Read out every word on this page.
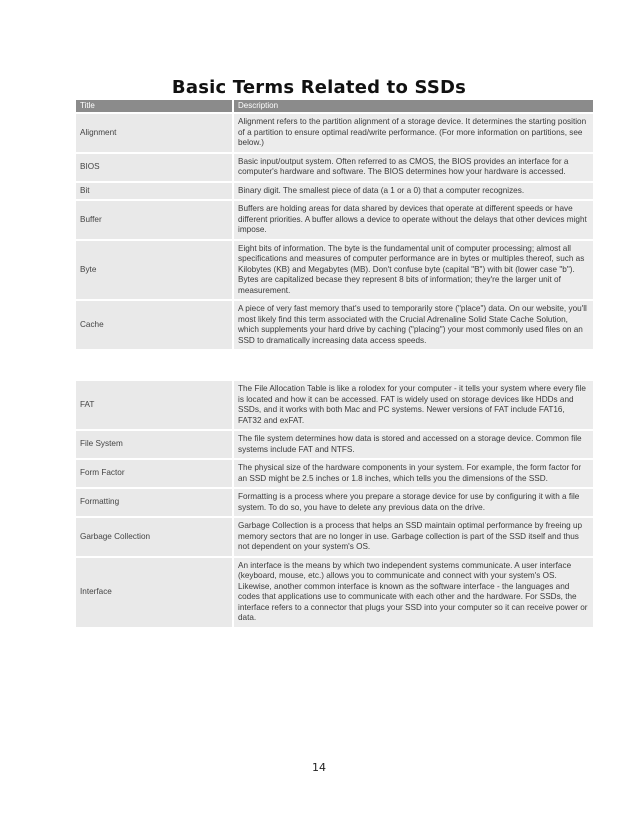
Basic Terms Related to SSDs
Title	Description
Alignment	Alignment refers to the partition alignment of a storage device. It determines the starting position of a partition to ensure optimal read/write performance. (For more information on partitions, see below.)
BIOS	Basic input/output system. Often referred to as CMOS, the BIOS provides an interface for a computer's hardware and software. The BIOS determines how your hardware is accessed.
Bit	Binary digit. The smallest piece of data (a 1 or a 0) that a computer recognizes.
Buffer	Buffers are holding areas for data shared by devices that operate at different speeds or have different priorities. A buffer allows a device to operate without the delays that other devices might impose.
Byte	Eight bits of information. The byte is the fundamental unit of computer processing; almost all specifications and measures of computer performance are in bytes or multiples thereof, such as Kilobytes (KB) and Megabytes (MB). Don't confuse byte (capital "B") with bit (lower case "b"). Bytes are capitalized becase they represent 8 bits of information; they're the larger unit of measurement.
Cache	A piece of very fast memory that's used to temporarily store ("place") data. On our website, you'll most likely find this term associated with the Crucial Adrenaline Solid State Cache Solution, which supplements your hard drive by caching ("placing") your most commonly used files on an SSD to dramatically increasing data access speeds.
FAT	The File Allocation Table is like a rolodex for your computer - it tells your system where every file is located and how it can be accessed. FAT is widely used on storage devices like HDDs and SSDs, and it works with both Mac and PC systems. Newer versions of FAT include FAT16, FAT32 and exFAT.
File System	The file system determines how data is stored and accessed on a storage device. Common file systems include FAT and NTFS.
Form Factor	The physical size of the hardware components in your system. For example, the form factor for an SSD might be 2.5 inches or 1.8 inches, which tells you the dimensions of the SSD.
Formatting	Formatting is a process where you prepare a storage device for use by configuring it with a file system. To do so, you have to delete any previous data on the drive.
Garbage Collection	Garbage Collection is a process that helps an SSD maintain optimal performance by freeing up memory sectors that are no longer in use. Garbage collection is part of the SSD itself and thus not dependent on your system's OS.
Interface	An interface is the means by which two independent systems communicate. A user interface (keyboard, mouse, etc.) allows you to communicate and connect with your system's OS. Likewise, another common interface is known as the software interface - the languages and codes that applications use to communicate with each other and the hardware. For SSDs, the interface refers to a connector that plugs your SSD into your computer so it can receive power or data.
14
